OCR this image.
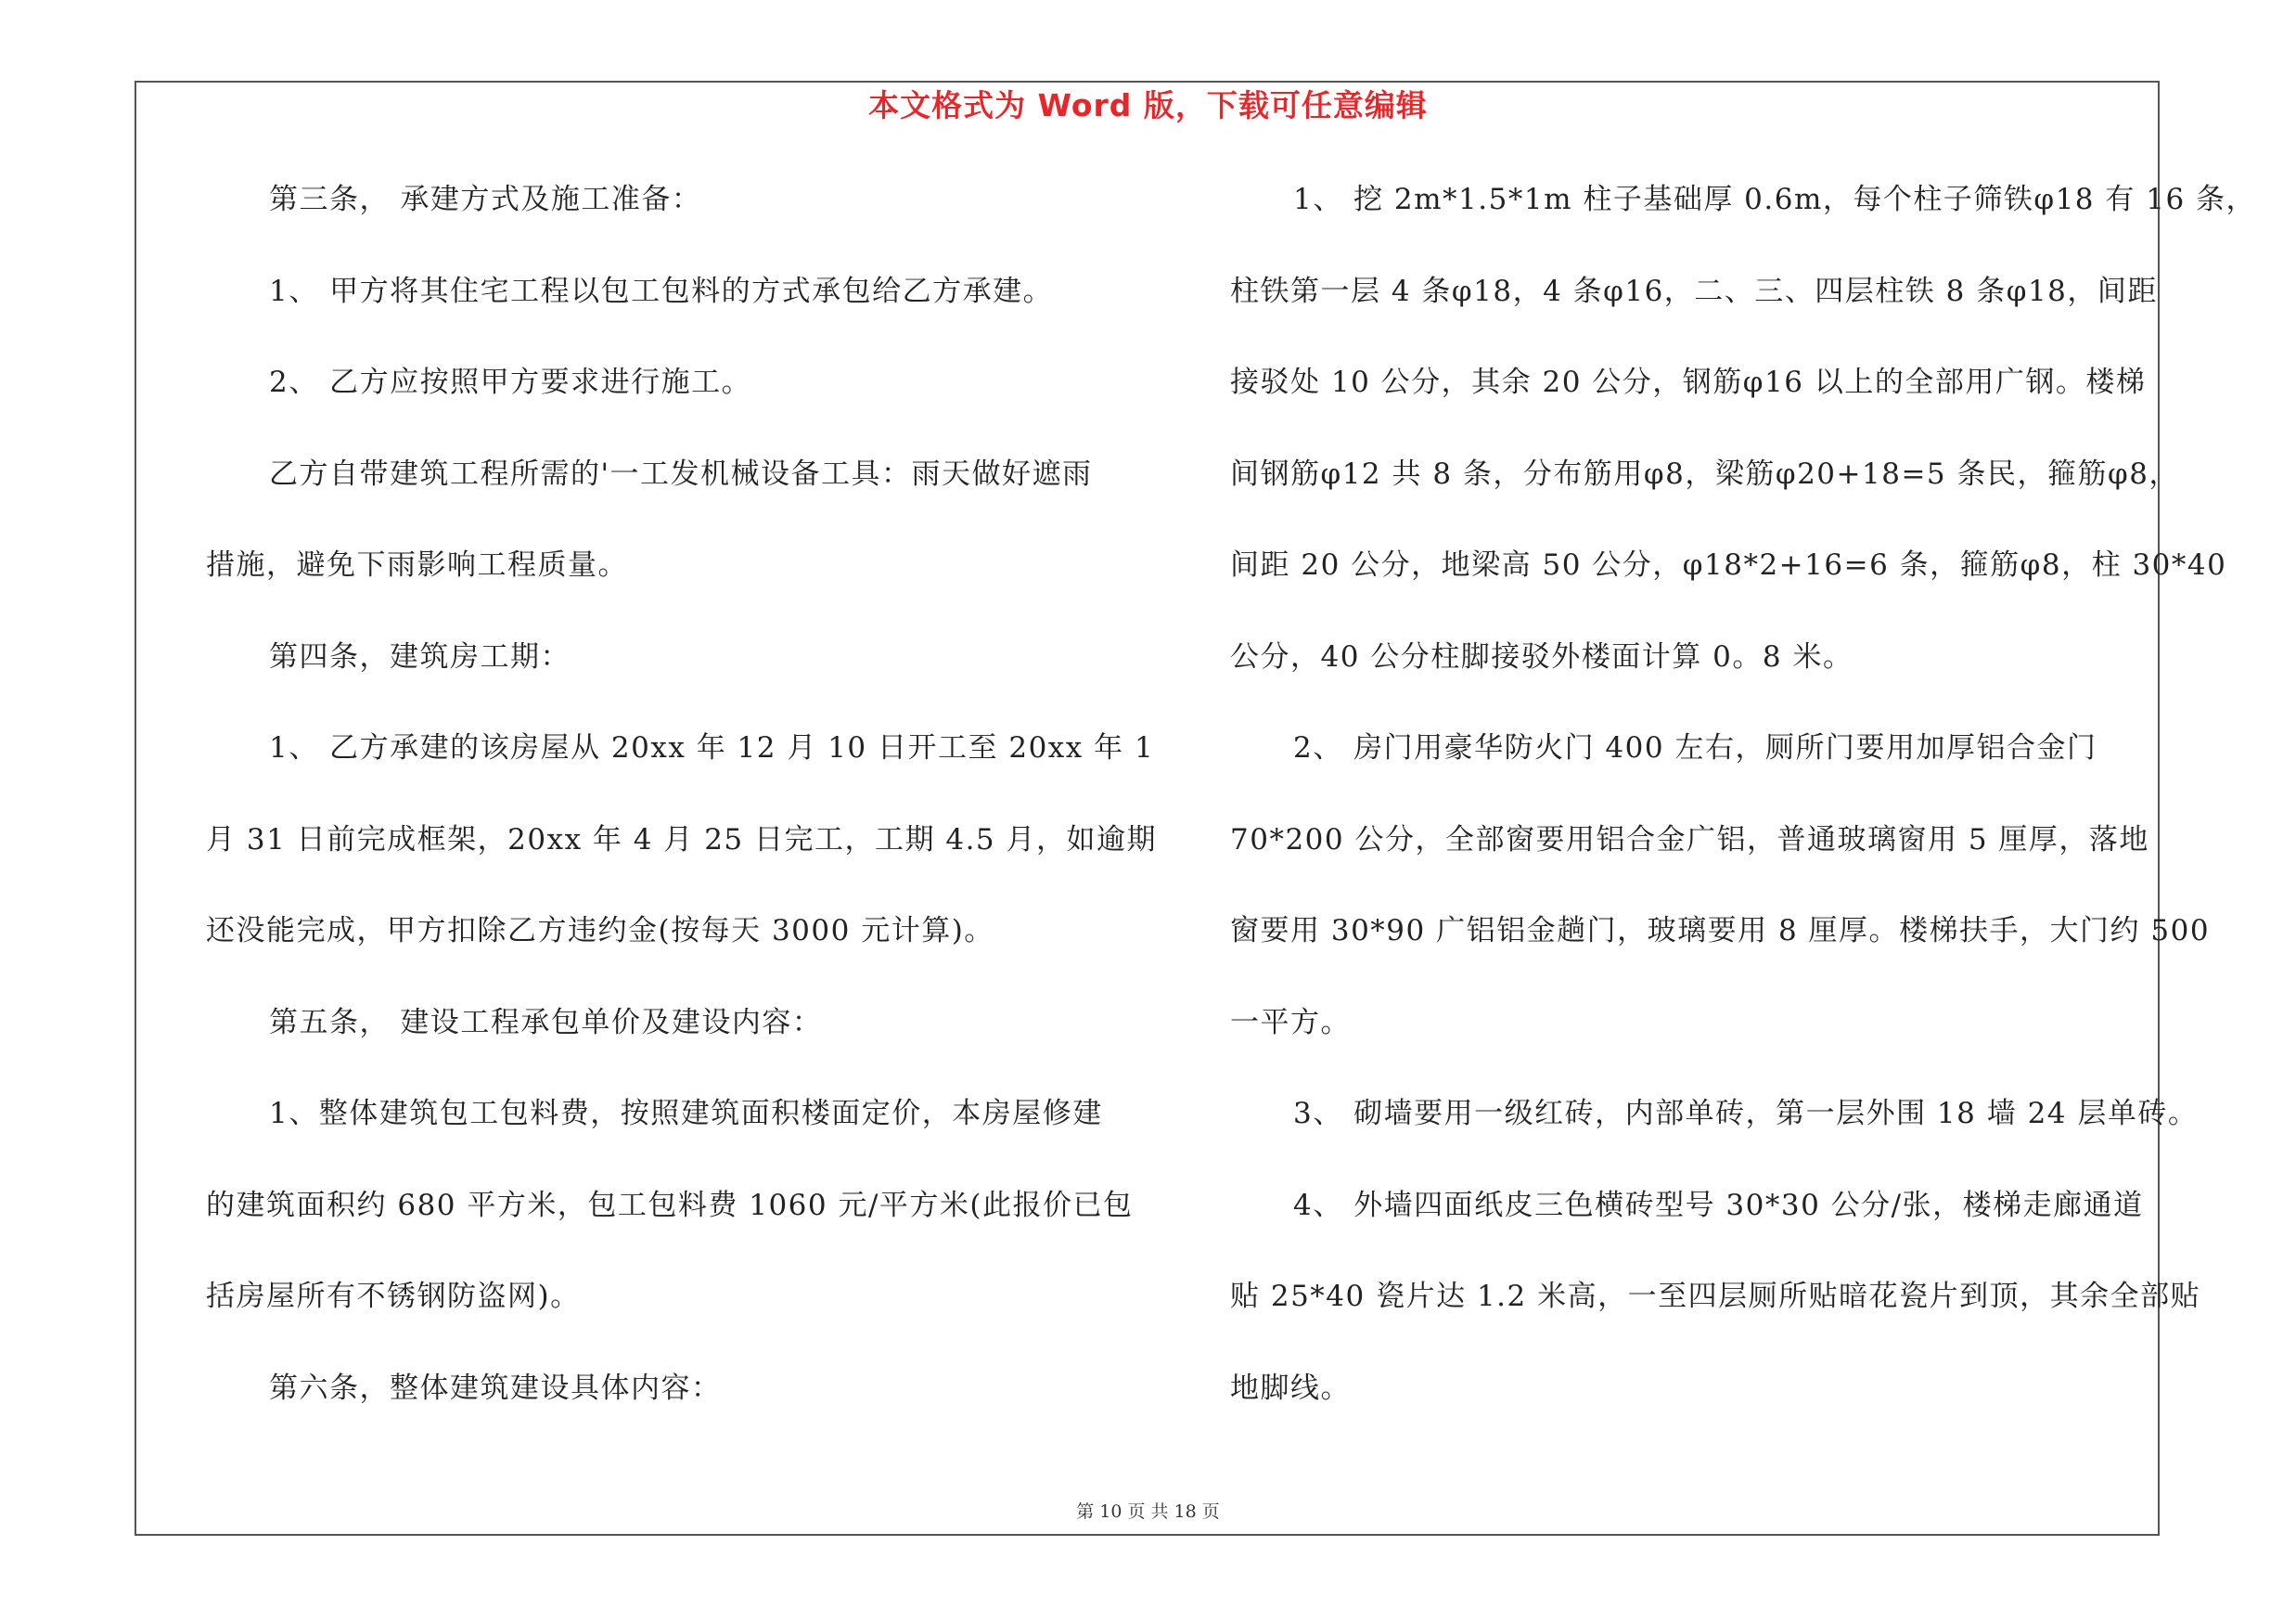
本文格式为 Word 版，下载可任意编辑
第三条， 承建方式及施工准备：
1、 甲方将其住宅工程以包工包料的方式承包给乙方承建。
2、 乙方应按照甲方要求进行施工。
乙方自带建筑工程所需的'一工发机械设备工具：雨天做好遮雨
措施，避免下雨影响工程质量。
第四条，建筑房工期：
1、 乙方承建的该房屋从 20xx 年 12 月 10 日开工至 20xx 年 1
月 31 日前完成框架，20xx 年 4 月 25 日完工，工期 4.5 月，如逾期
还没能完成，甲方扣除乙方违约金(按每天 3000 元计算)。
第五条， 建设工程承包单价及建设内容：
1、整体建筑包工包料费，按照建筑面积楼面定价，本房屋修建
的建筑面积约 680 平方米，包工包料费 1060 元/平方米(此报价已包
括房屋所有不锈钢防盗网)。
第六条，整体建筑建设具体内容：
1、 挖 2m*1.5*1m 柱子基础厚 0.6m，每个柱子筛铁φ18 有 16 条，
柱铁第一层 4 条φ18，4 条φ16，二、三、四层柱铁 8 条φ18，间距
接驳处 10 公分，其余 20 公分，钢筋φ16 以上的全部用广钢。楼梯
间钢筋φ12 共 8 条，分布筋用φ8，梁筋φ20+18=5 条民，箍筋φ8，
间距 20 公分，地梁高 50 公分，φ18*2+16=6 条，箍筋φ8，柱 30*40
公分，40 公分柱脚接驳外楼面计算 0。8 米。
2、 房门用豪华防火门 400 左右，厕所门要用加厚铝合金门
70*200 公分，全部窗要用铝合金广铝，普通玻璃窗用 5 厘厚，落地
窗要用 30*90 广铝铝金趟门，玻璃要用 8 厘厚。楼梯扶手，大门约 500
一平方。
3、 砌墙要用一级红砖，内部单砖，第一层外围 18 墙 24 层单砖。
4、 外墙四面纸皮三色横砖型号 30*30 公分/张，楼梯走廊通道
贴 25*40 瓷片达 1.2 米高，一至四层厕所贴暗花瓷片到顶，其余全部贴
地脚线。
第 10 页 共 18 页
